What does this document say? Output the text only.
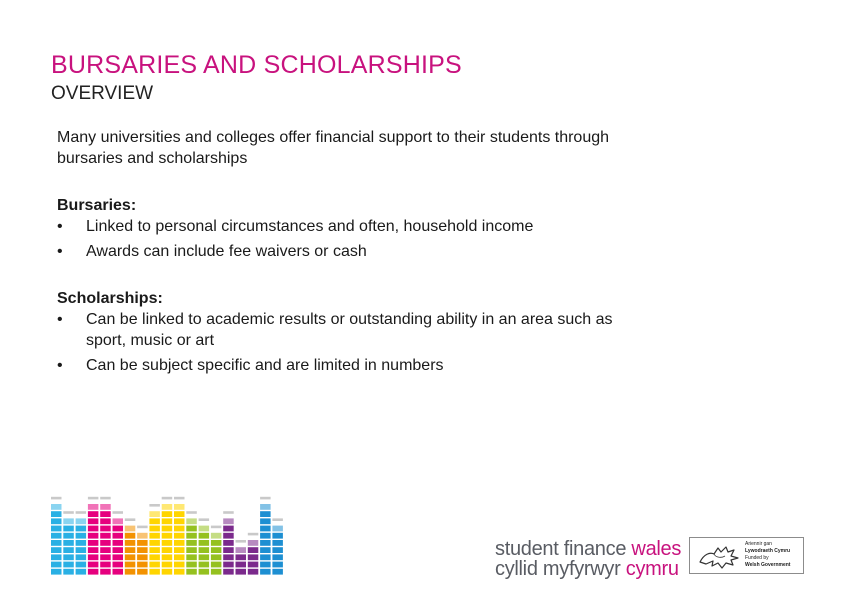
BURSARIES AND SCHOLARSHIPS
OVERVIEW

Many universities and colleges offer financial support to their students through bursaries and scholarships

Bursaries:

• Linked to personal circumstances and often, household income
• Awards can include fee waivers or cash

Scholarships:

• Can be linked to academic results or outstanding ability in an area such as sport, music or art
• Can be subject specific and are limited in numbers
student finance wales
cyllid myfyrwyr cymru
Ariennir gan
Lywodraeth Cymru
Funded by
Welsh Government
